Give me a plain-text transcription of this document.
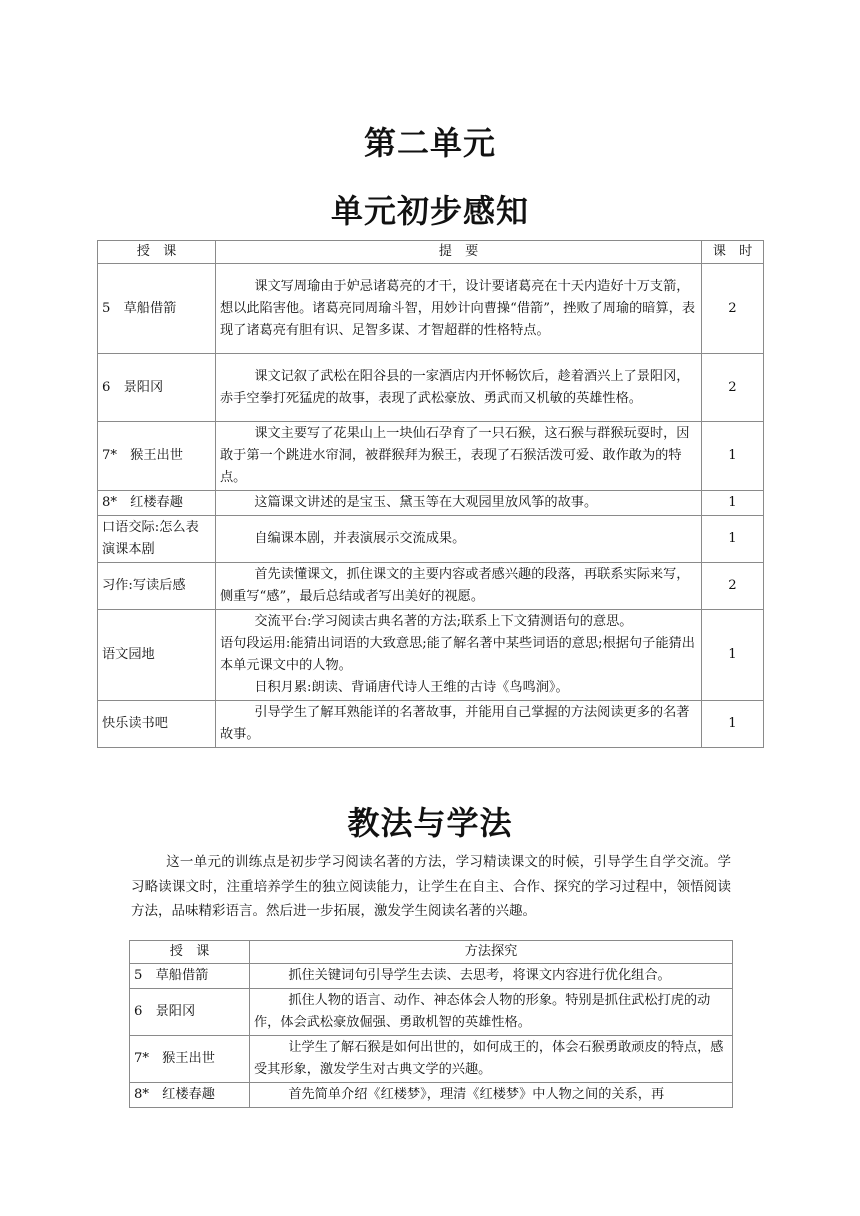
第二单元
单元初步感知
授　课	提　要	课　时
5　草船借箭	课文写周瑜由于妒忌诸葛亮的才干，设计要诸葛亮在十天内造好十万支箭，想以此陷害他。诸葛亮同周瑜斗智，用妙计向曹操“借箭”，挫败了周瑜的暗算，表现了诸葛亮有胆有识、足智多谋、才智超群的性格特点。	2
6　景阳冈	课文记叙了武松在阳谷县的一家酒店内开怀畅饮后，趁着酒兴上了景阳冈，赤手空拳打死猛虎的故事，表现了武松豪放、勇武而又机敏的英雄性格。	2
7*　猴王出世	课文主要写了花果山上一块仙石孕育了一只石猴，这石猴与群猴玩耍时，因敢于第一个跳进水帘洞，被群猴拜为猴王，表现了石猴活泼可爱、敢作敢为的特点。	1
8*　红楼春趣	这篇课文讲述的是宝玉、黛玉等在大观园里放风筝的故事。	1
口语交际:怎么表演课本剧	自编课本剧，并表演展示交流成果。	1
习作:写读后感	首先读懂课文，抓住课文的主要内容或者感兴趣的段落，再联系实际来写，侧重写“感”，最后总结或者写出美好的视愿。	2
语文园地	交流平台:学习阅读古典名著的方法;联系上下文猜测语句的意思。

语句段运用:能猜出词语的大致意思;能了解名著中某些词语的意思;根据句子能猜出本单元课文中的人物。

日积月累:朗读、背诵唐代诗人王维的古诗《鸟鸣涧》。	1
快乐读书吧	引导学生了解耳熟能详的名著故事，并能用自己掌握的方法阅读更多的名著故事。	1
教法与学法

这一单元的训练点是初步学习阅读名著的方法，学习精读课文的时候，引导学生自学交流。学习略读课文时，注重培养学生的独立阅读能力，让学生在自主、合作、探究的学习过程中，领悟阅读方法，品味精彩语言。然后进一步拓展，激发学生阅读名著的兴趣。

授　课	方法探究
5　草船借箭	抓住关键词句引导学生去读、去思考，将课文内容进行优化组合。
6　景阳冈	抓住人物的语言、动作、神态体会人物的形象。特别是抓住武松打虎的动作，体会武松豪放倔强、勇敢机智的英雄性格。
7*　猴王出世	让学生了解石猴是如何出世的，如何成王的，体会石猴勇敢顽皮的特点，感受其形象，激发学生对古典文学的兴趣。
8*　红楼春趣	首先简单介绍《红楼梦》，理清《红楼梦》中人物之间的关系，再
